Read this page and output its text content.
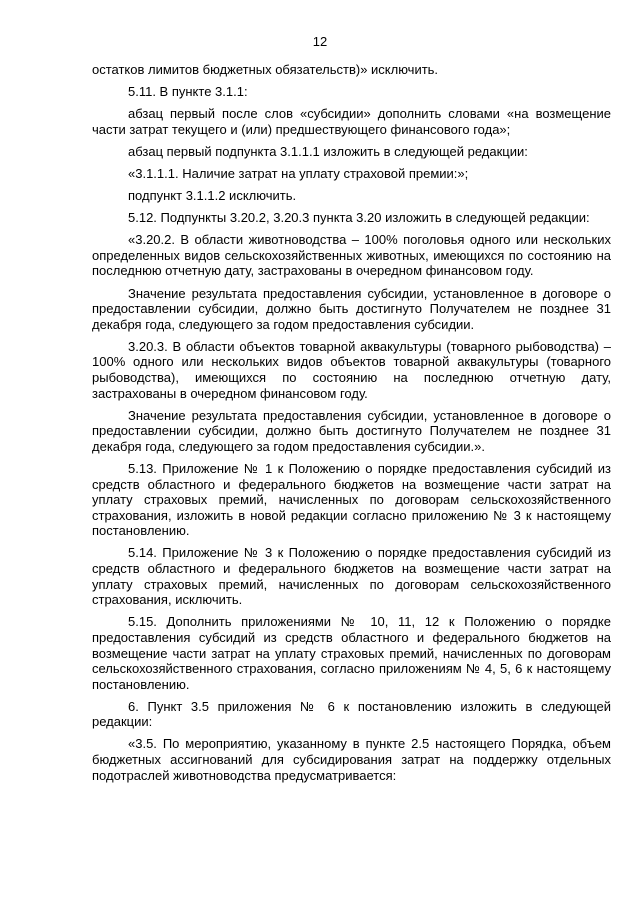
12

остатков лимитов бюджетных обязательств)» исключить.

5.11. В пункте 3.1.1:

абзац первый после слов «субсидии» дополнить словами «на возмещение части затрат текущего и (или) предшествующего финансового года»;

абзац первый подпункта 3.1.1.1 изложить в следующей редакции:

«3.1.1.1. Наличие затрат на уплату страховой премии:»;

подпункт 3.1.1.2 исключить.

5.12. Подпункты 3.20.2, 3.20.3 пункта 3.20 изложить в следующей редакции:

«3.20.2. В области животноводства – 100% поголовья одного или нескольких определенных видов сельскохозяйственных животных, имеющихся по состоянию на последнюю отчетную дату, застрахованы в очередном финансовом году.

Значение результата предоставления субсидии, установленное в договоре о предоставлении субсидии, должно быть достигнуто Получателем не позднее 31 декабря года, следующего за годом предоставления субсидии.

3.20.3. В области объектов товарной аквакультуры (товарного рыбоводства) – 100% одного или нескольких видов объектов товарной аквакультуры (товарного рыбоводства), имеющихся по состоянию на последнюю отчетную дату, застрахованы в очередном финансовом году.

Значение результата предоставления субсидии, установленное в договоре о предоставлении субсидии, должно быть достигнуто Получателем не позднее 31 декабря года, следующего за годом предоставления субсидии.».

5.13. Приложение № 1 к Положению о порядке предоставления субсидий из средств областного и федерального бюджетов на возмещение части затрат на уплату страховых премий, начисленных по договорам сельскохозяйственного страхования, изложить в новой редакции согласно приложению № 3 к настоящему постановлению.

5.14. Приложение № 3 к Положению о порядке предоставления субсидий из средств областного и федерального бюджетов на возмещение части затрат на уплату страховых премий, начисленных по договорам сельскохозяйственного страхования, исключить.

5.15. Дополнить приложениями № 10, 11, 12 к Положению о порядке предоставления субсидий из средств областного и федерального бюджетов на возмещение части затрат на уплату страховых премий, начисленных по договорам сельскохозяйственного страхования, согласно приложениям № 4, 5, 6 к настоящему постановлению.

6. Пункт 3.5 приложения № 6 к постановлению изложить в следующей редакции:

«3.5. По мероприятию, указанному в пункте 2.5 настоящего Порядка, объем бюджетных ассигнований для субсидирования затрат на поддержку отдельных подотраслей животноводства предусматривается:
